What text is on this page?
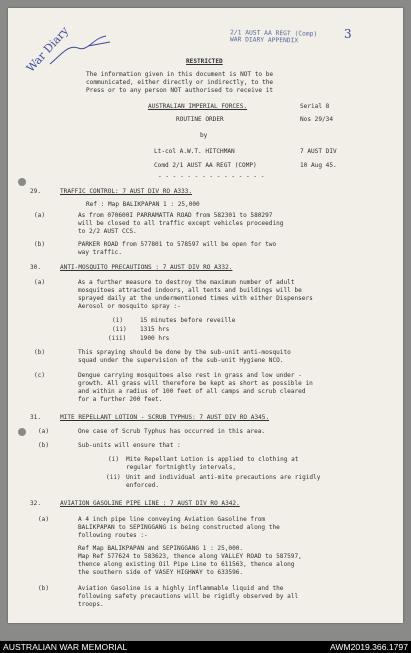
2/1 AUST AA REGT (Comp)
WAR DIARY APPENDIX	3
War Diary	RESTRICTED
The information given in this document is NOT to be
communicated, either directly or indirectly, to the
Press or to any person NOT authorised to receive it
AUSTRALIAN IMPERIAL FORCES.	Serial 8
ROUTINE ORDER	Nos 29/34
by
Lt-col A.W.T. HITCHMAN	7 AUST DIV
Comd 2/1 AUST AA REGT (COMP)	10 Aug 45.
- - - - - - - - - - - - - - -
29.	TRAFFIC CONTROL: 7 AUST DIV RO A333.
Ref : Map BALIKPAPAN 1 : 25,000
(a)	As from 070600I PARRAMATTA ROAD from 582301 to 580297
will be closed to all traffic except vehicles proceeding
to 2/2 AUST CCS.
(b)	PARKER ROAD from 577801 to 578597 will be open for two
way traffic.
30.	ANTI-MOSQUITO PRECAUTIONS : 7 AUST DIV RO A332.
(a)	As a further measure to destroy the maximum number of adult
mosquitoes attracted indoors, all tents and buildings will be
sprayed daily at the undermentioned times with either Dispensers
Aerosol or mosquito spray :-
(i)	15 minutes before reveille
(ii) 1315 hrs
(iii) 1900 hrs
(b)	This spraying should be done by the sub-unit anti-mosquito
squad under the supervision of the sub-unit Hygiene NCO.
(c)	Dengue carrying mosquitoes also rest in grass and low under -
growth. All grass will therefore be kept as short as possible in
and within a radius of 100 feet of all camps and scrub cleared
for a further 200 feet.
31.	MITE REPELLANT LOTION - SCRUB TYPHUS: 7 AUST DIV RO A345.
(a)	One case of Scrub Typhus has occurred in this area.
(b)	Sub-units will ensure that :
(i) Mite Repellant Lotion is applied to clothing at
regular fortnightly intervals,
(ii) Unit and individual anti-mite precautions are rigidly
enforced.
32.	AVIATION GASOLINE PIPE LINE : 7 AUST DIV RO A342.
(a)	A 4 inch pipe line conveying Aviation Gasoline from
BALIKPAPAN to SEPINGGANG is being constructed along the
following routes :-
Ref Map BALIKPAPAN and SEPINGGANG 1 : 25,000.
Map Ref 577624 to 583623, thence along VALLEY ROAD to 587597,
thence along existing Oil Pipe Line to 611563, thence along
the southern side of VASEY HIGHWAY to 633596.
(b)	Aviation Gasoline is a highly inflammable liquid and the
following safety precautions will be rigidly observed by all
troops.
AUSTRALIAN WAR MEMORIAL	AWM2019.366.1797
